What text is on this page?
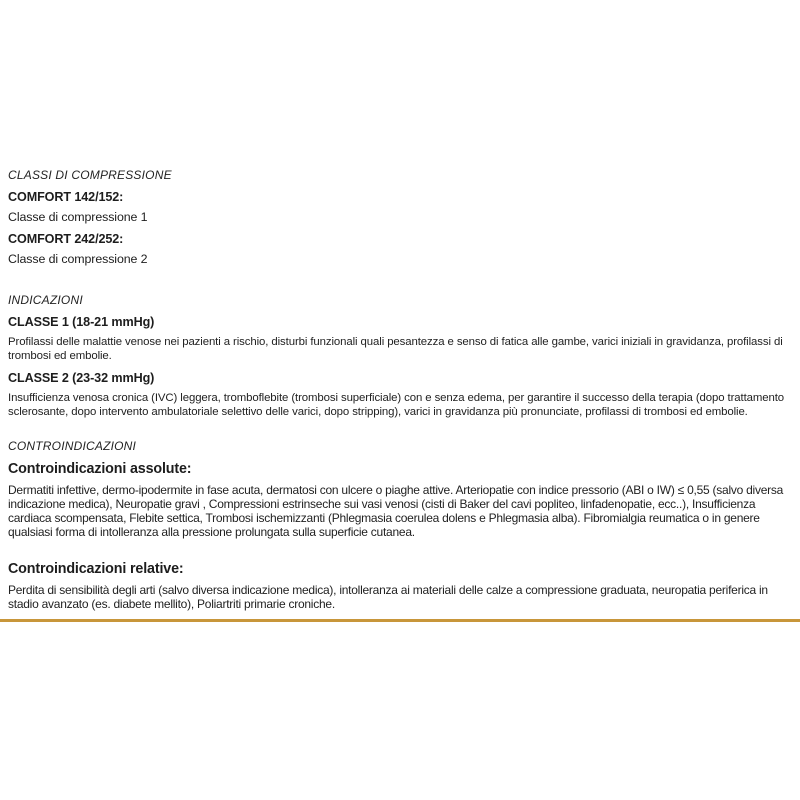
CLASSI DI COMPRESSIONE

COMFORT 142/152:

Classe di compressione 1

COMFORT 242/252:

Classe di compressione 2

INDICAZIONI

CLASSE 1 (18-21 mmHg)

Profilassi delle malattie venose nei pazienti a rischio, disturbi funzionali quali pesantezza e senso di fatica alle gambe, varici iniziali in gravidanza, profilassi di trombosi ed embolie.

CLASSE 2 (23-32 mmHg)

Insufficienza venosa cronica (IVC) leggera, tromboflebite (trombosi superficiale) con e senza edema, per garantire il successo della terapia (dopo trattamento sclerosante, dopo intervento ambulatoriale selettivo delle varici, dopo stripping), varici in gravidanza più pronunciate, profilassi di trombosi ed embolie.

CONTROINDICAZIONI

Controindicazioni assolute:

Dermatiti infettive, dermo-ipodermite in fase acuta, dermatosi con ulcere o piaghe attive. Arteriopatie con indice pressorio (ABI o IW) ≤ 0,55 (salvo diversa indicazione medica), Neuropatie gravi , Compressioni estrinseche sui vasi venosi (cisti di Baker del cavi popliteo, linfadenopatie, ecc..), Insufficienza cardiaca scompensata, Flebite settica, Trombosi ischemizzanti (Phlegmasia coerulea dolens e Phlegmasia alba). Fibromialgia reumatica o in genere qualsiasi forma di intolleranza alla pressione prolungata sulla superficie cutanea.

Controindicazioni relative:

Perdita di sensibilità degli arti (salvo diversa indicazione medica), intolleranza ai materiali delle calze a compressione graduata, neuropatia periferica in stadio avanzato (es. diabete mellito), Poliartriti primarie croniche.
